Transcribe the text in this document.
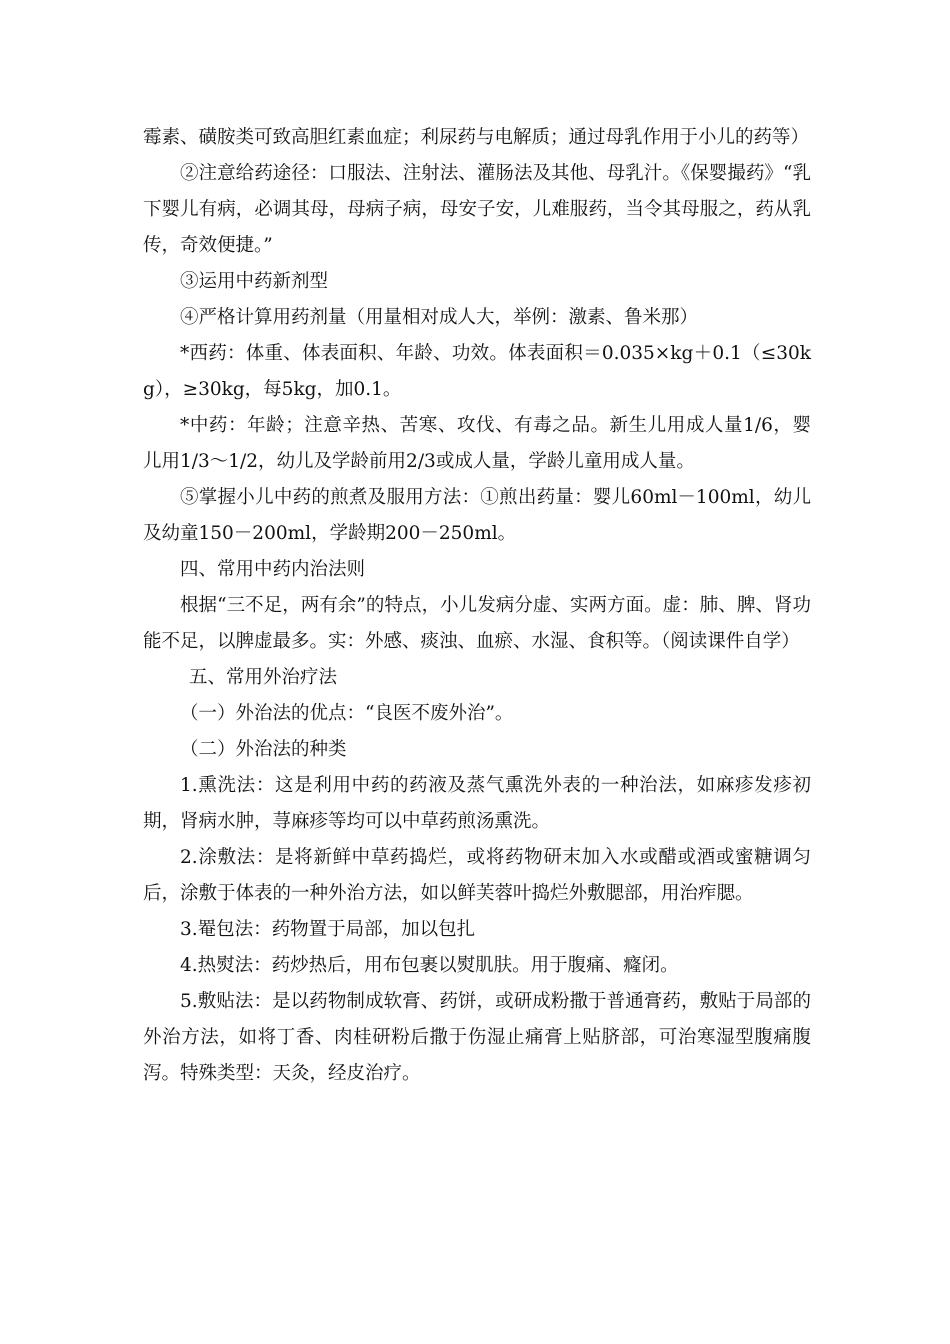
霉素、磺胺类可致高胆红素血症；利尿药与电解质；通过母乳作用于小儿的药等）

②注意给药途径：口服法、注射法、灌肠法及其他、母乳汁。《保婴撮药》“乳下婴儿有病，必调其母，母病子病，母安子安，儿难服药，当令其母服之，药从乳传，奇效便捷。”

③运用中药新剂型

④严格计算用药剂量（用量相对成人大，举例：激素、鲁米那）

*西药：体重、体表面积、年龄、功效。体表面积＝0.035×kg＋0.1（≤30kg），≥30kg，每5kg，加0.1。

*中药：年龄；注意辛热、苦寒、攻伐、有毒之品。新生儿用成人量1/6，婴儿用1/3～1/2，幼儿及学龄前用2/3或成人量，学龄儿童用成人量。

⑤掌握小儿中药的煎煮及服用方法：①煎出药量：婴儿60ml－100ml，幼儿及幼童150－200ml，学龄期200－250ml。

四、常用中药内治法则

根据“三不足，两有余”的特点，小儿发病分虚、实两方面。虚：肺、脾、肾功能不足，以脾虚最多。实：外感、痰浊、血瘀、水湿、食积等。（阅读课件自学）

五、常用外治疗法

（一）外治法的优点：“良医不废外治”。

（二）外治法的种类

1.熏洗法：这是利用中药的药液及蒸气熏洗外表的一种治法，如麻疹发疹初期，肾病水肿，荨麻疹等均可以中草药煎汤熏洗。

2.涂敷法：是将新鲜中草药捣烂，或将药物研末加入水或醋或酒或蜜糖调匀后，涂敷于体表的一种外治方法，如以鲜芙蓉叶捣烂外敷腮部，用治痄腮。

3.罨包法：药物置于局部，加以包扎

4.热熨法：药炒热后，用布包裹以熨肌肤。用于腹痛、癃闭。

5.敷贴法：是以药物制成软膏、药饼，或研成粉撒于普通膏药，敷贴于局部的外治方法，如将丁香、肉桂研粉后撒于伤湿止痛膏上贴脐部，可治寒湿型腹痛腹泻。特殊类型：天灸，经皮治疗。
